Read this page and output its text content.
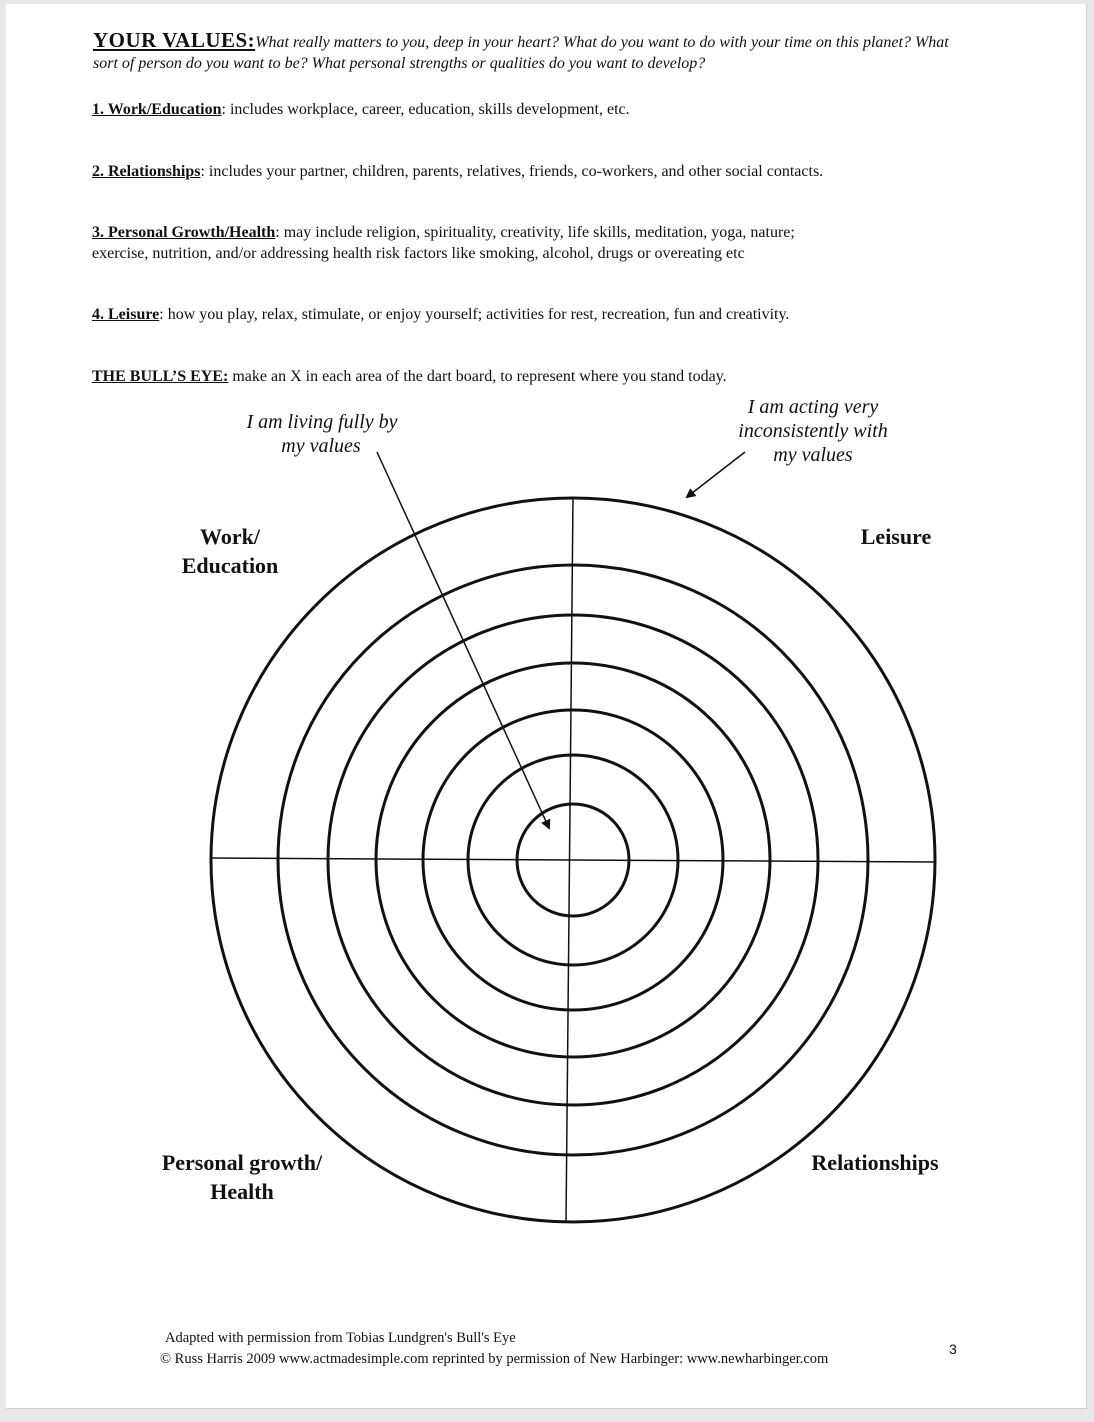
YOUR VALUES:What really matters to you, deep in your heart? What do you want to do with your time on this planet? What sort of person do you want to be? What personal strengths or qualities do you want to develop?
1. Work/Education: includes workplace, career, education, skills development, etc.
2. Relationships: includes your partner, children, parents, relatives, friends, co-workers, and other social contacts.
3. Personal Growth/Health: may include religion, spirituality, creativity, life skills, meditation, yoga, nature;
exercise, nutrition, and/or addressing health risk factors like smoking, alcohol, drugs or overeating etc
4. Leisure: how you play, relax, stimulate, or enjoy yourself; activities for rest, recreation, fun and creativity.
THE BULL’S EYE: make an X in each area of the dart board, to represent where you stand today.
I am living fully by
my values
I am acting very
inconsistently with
my values
Work/
Education
Leisure
Personal growth/
Health
Relationships
Adapted with permission from Tobias Lundgren's Bull's Eye
© Russ Harris 2009 www.actmadesimple.com reprinted by permission of New Harbinger: www.newharbinger.com
3
